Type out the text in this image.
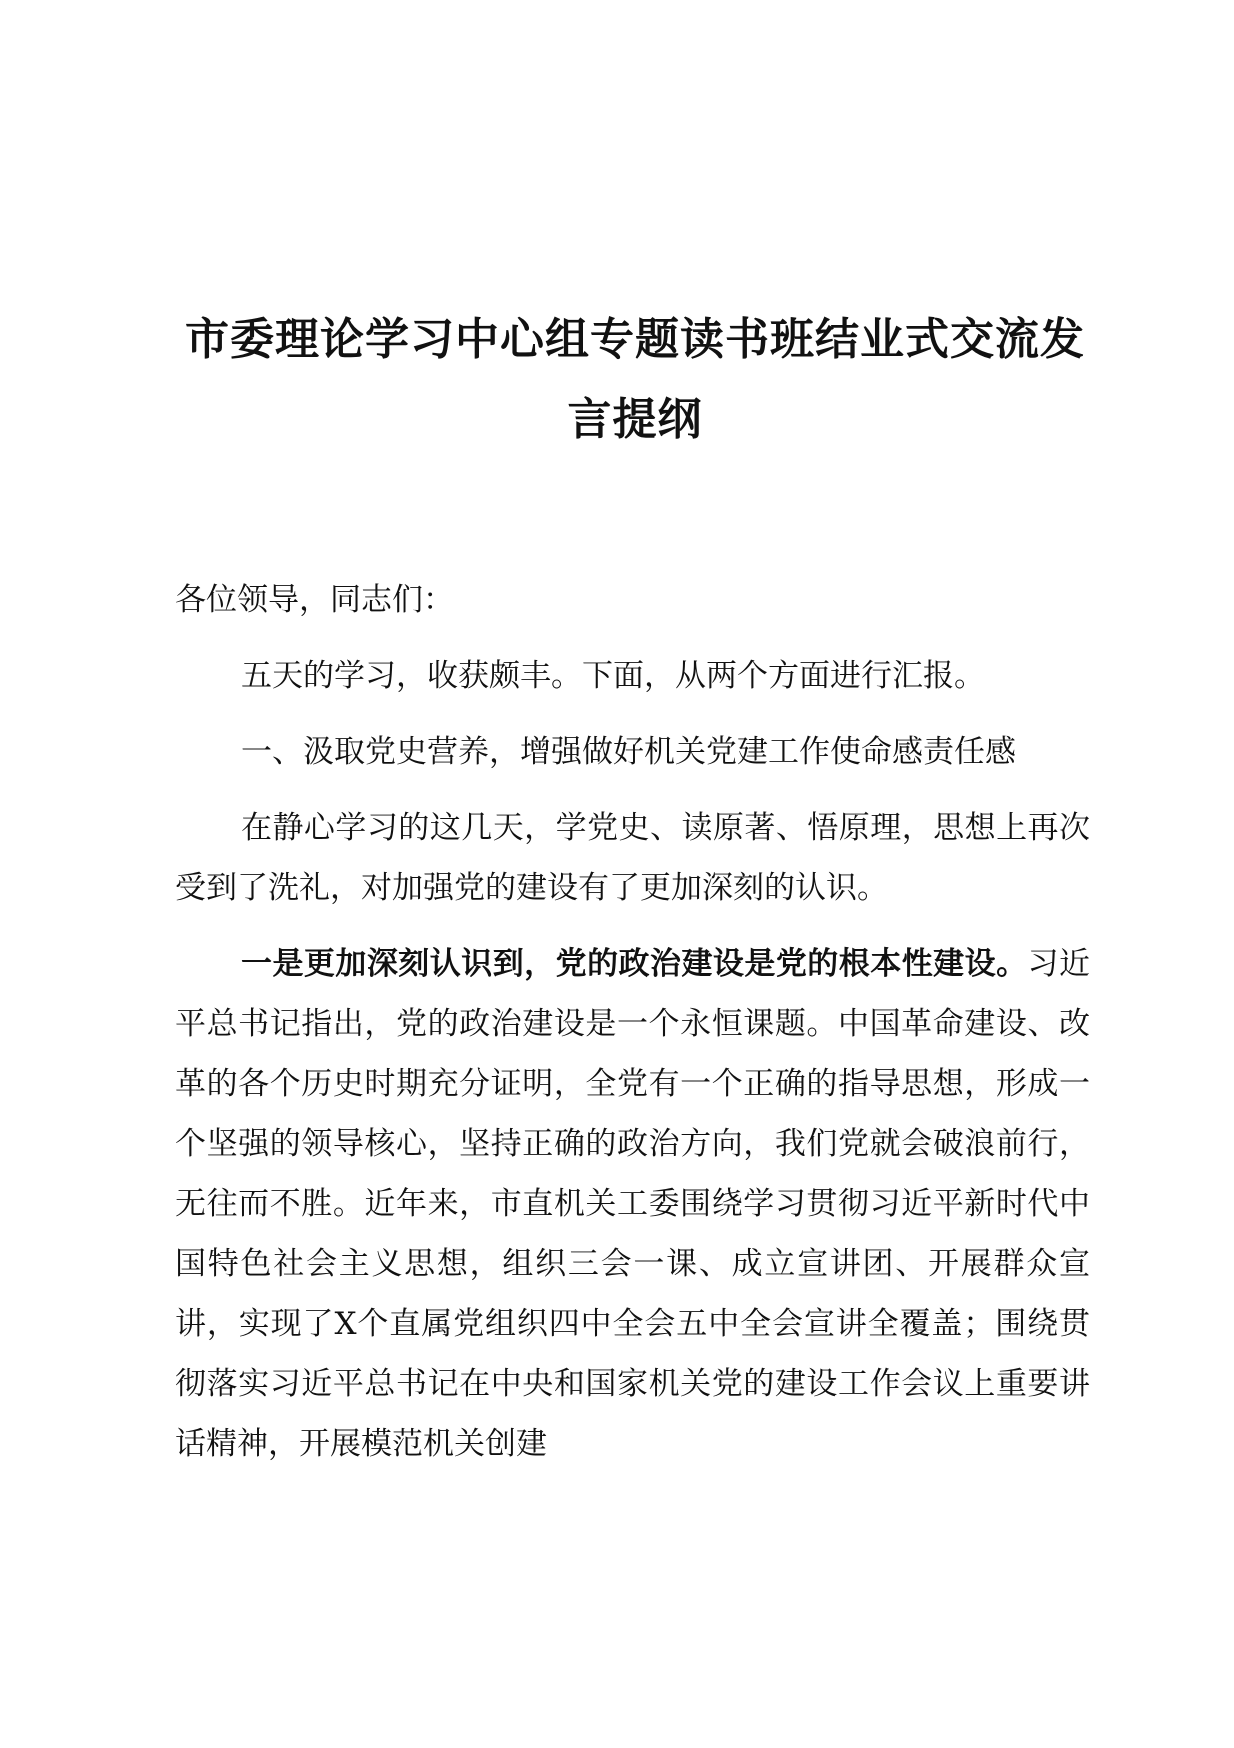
市委理论学习中心组专题读书班结业式交流发言提纲

各位领导，同志们：

五天的学习，收获颇丰。下面，从两个方面进行汇报。

一、汲取党史营养，增强做好机关党建工作使命感责任感

在静心学习的这几天，学党史、读原著、悟原理，思想上再次受到了洗礼，对加强党的建设有了更加深刻的认识。

一是更加深刻认识到，党的政治建设是党的根本性建设。习近平总书记指出，党的政治建设是一个永恒课题。中国革命建设、改革的各个历史时期充分证明，全党有一个正确的指导思想，形成一个坚强的领导核心，坚持正确的政治方向，我们党就会破浪前行，无往而不胜。近年来，市直机关工委围绕学习贯彻习近平新时代中国特色社会主义思想，组织三会一课、成立宣讲团、开展群众宣讲，实现了X个直属党组织四中全会五中全会宣讲全覆盖；围绕贯彻落实习近平总书记在中央和国家机关党的建设工作会议上重要讲话精神，开展模范机关创建
